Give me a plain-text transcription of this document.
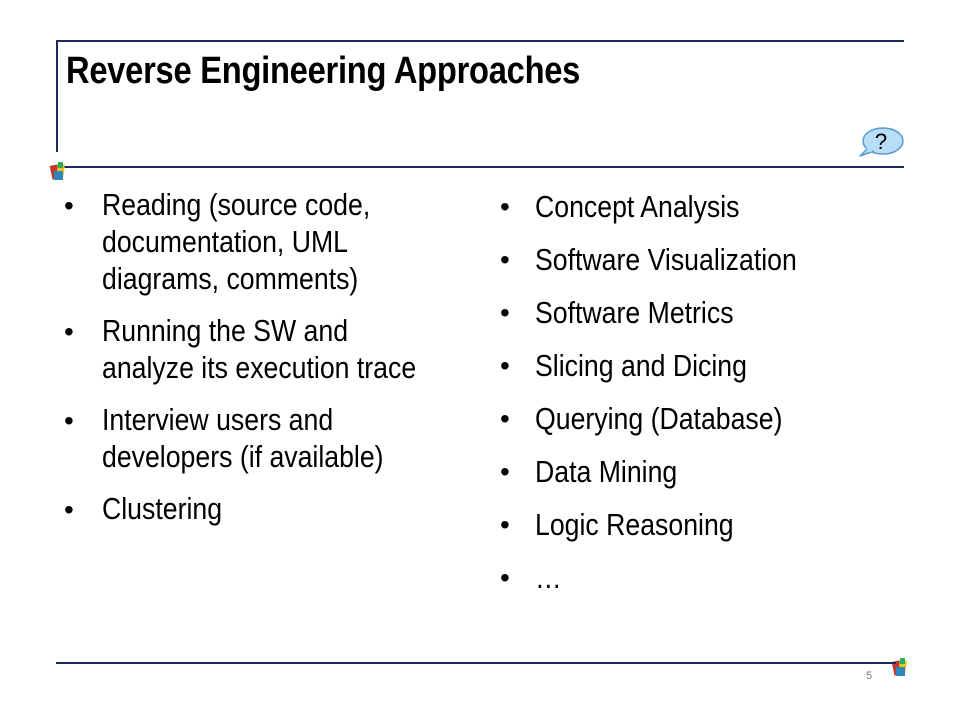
Reverse Engineering Approaches
?
• Reading (source code,
documentation, UML
diagrams, comments)
• Running the SW and
analyze its execution trace
• Interview users and
developers (if available)
• Clustering
• Concept Analysis
• Software Visualization
• Software Metrics
• Slicing and Dicing
• Querying (Database)
• Data Mining
• Logic Reasoning
• …
5
